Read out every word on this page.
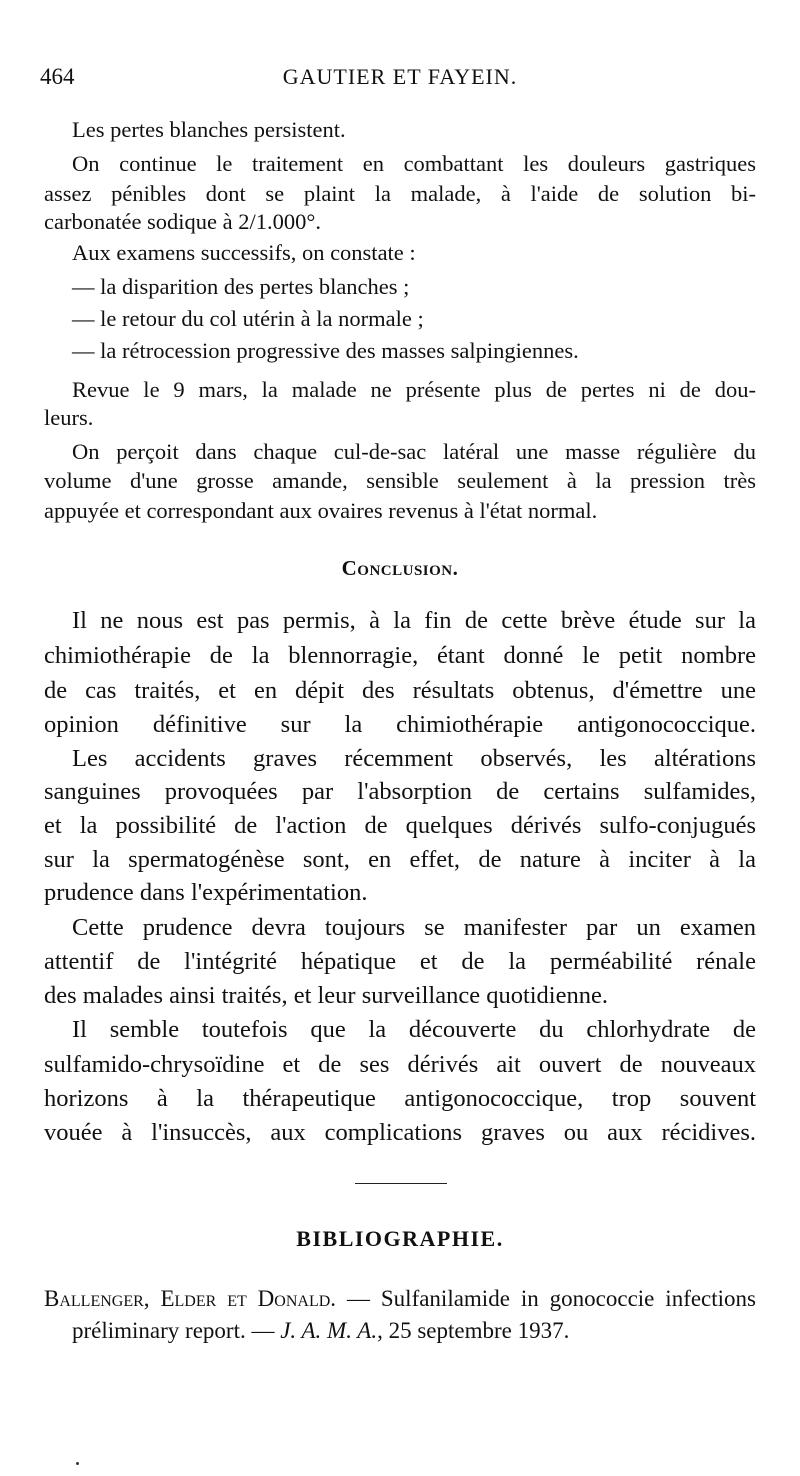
464	GAUTIER ET FAYEIN.
Les pertes blanches persistent.
On continue le traitement en combattant les douleurs gastriques
assez pénibles dont se plaint la malade, à l'aide de solution bi-
carbonatée sodique à 2/1.000°.
Aux examens successifs, on constate :
— la disparition des pertes blanches ;
— le retour du col utérin à la normale ;
— la rétrocession progressive des masses salpingiennes.
Revue le 9 mars, la malade ne présente plus de pertes ni de dou-
leurs.
On perçoit dans chaque cul-de-sac latéral une masse régulière du
volume d'une grosse amande, sensible seulement à la pression très
appuyée et correspondant aux ovaires revenus à l'état normal.
Conclusion.
Il ne nous est pas permis, à la fin de cette brève étude sur la
chimiothérapie de la blennorragie, étant donné le petit nombre
de cas traités, et en dépit des résultats obtenus, d'émettre une
opinion définitive sur la chimiothérapie antigonococcique.
Les accidents graves récemment observés, les altérations
sanguines provoquées par l'absorption de certains sulfamides,
et la possibilité de l'action de quelques dérivés sulfo-conjugués
sur la spermatogénèse sont, en effet, de nature à inciter à la
prudence dans l'expérimentation.
Cette prudence devra toujours se manifester par un examen
attentif de l'intégrité hépatique et de la perméabilité rénale
des malades ainsi traités, et leur surveillance quotidienne.
Il semble toutefois que la découverte du chlorhydrate de
sulfamido-chrysoïdine et de ses dérivés ait ouvert de nouveaux
horizons à la thérapeutique antigonococcique, trop souvent
vouée à l'insuccès, aux complications graves ou aux récidives.
BIBLIOGRAPHIE.
Ballenger, Elder et Donald. — Sulfanilamide in gonococcie infections
préliminary report. — J. A. M. A., 25 septembre 1937.
